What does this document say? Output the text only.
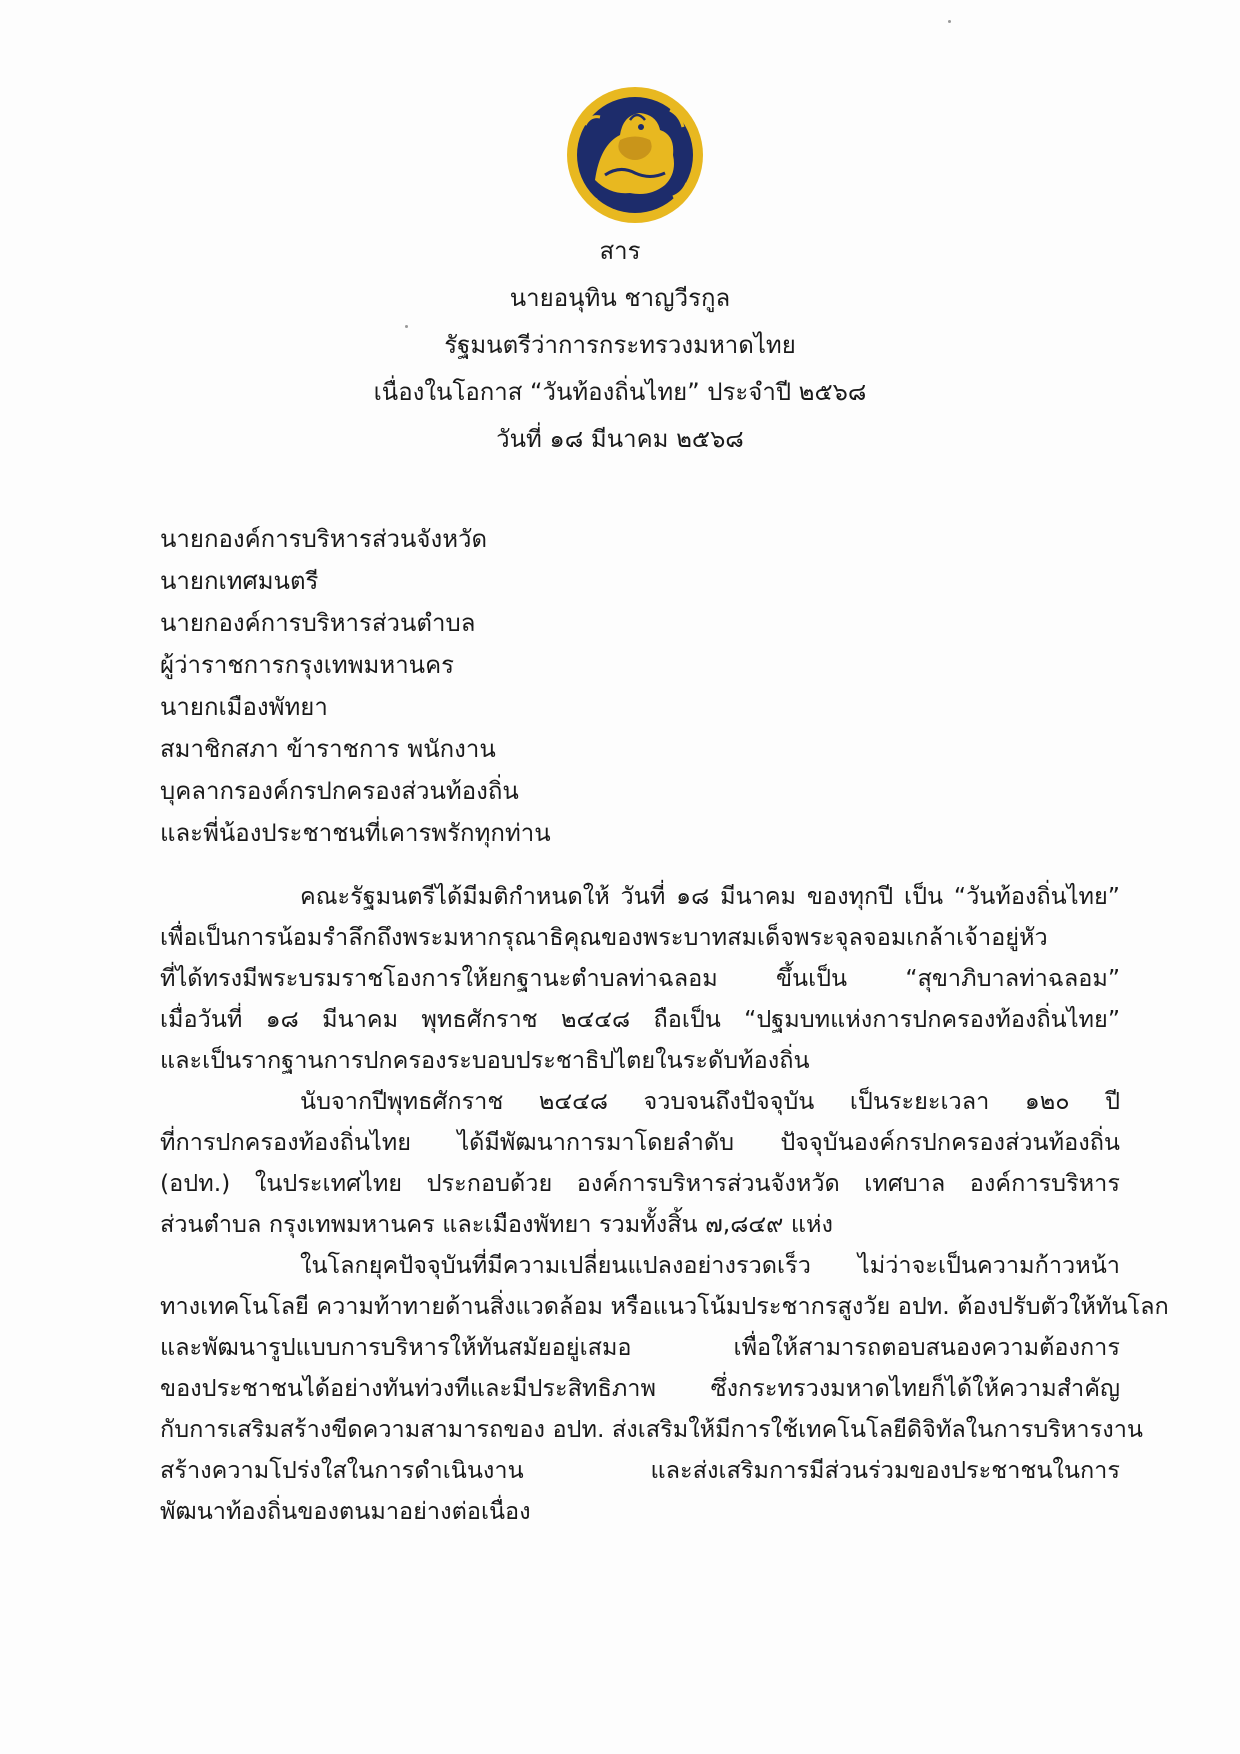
สาร
นายอนุทิน ชาญวีรกูล
รัฐมนตรีว่าการกระทรวงมหาดไทย
เนื่องในโอกาส “วันท้องถิ่นไทย” ประจำปี ๒๕๖๘
วันที่ ๑๘ มีนาคม ๒๕๖๘
นายกองค์การบริหารส่วนจังหวัด
นายกเทศมนตรี
นายกองค์การบริหารส่วนตำบล
ผู้ว่าราชการกรุงเทพมหานคร
นายกเมืองพัทยา
สมาชิกสภา ข้าราชการ พนักงาน
บุคลากรองค์กรปกครองส่วนท้องถิ่น
และพี่น้องประชาชนที่เคารพรักทุกท่าน
คณะรัฐมนตรีได้มีมติกำหนดให้ วันที่ ๑๘ มีนาคม ของทุกปี เป็น “วันท้องถิ่นไทย”
เพื่อเป็นการน้อมรำลึกถึงพระมหากรุณาธิคุณของพระบาทสมเด็จพระจุลจอมเกล้าเจ้าอยู่หัว
ที่ได้ทรงมีพระบรมราชโองการให้ยกฐานะตำบลท่าฉลอม ขึ้นเป็น “สุขาภิบาลท่าฉลอม”
เมื่อวันที่ ๑๘ มีนาคม พุทธศักราช ๒๔๔๘ ถือเป็น “ปฐมบทแห่งการปกครองท้องถิ่นไทย”
และเป็นรากฐานการปกครองระบอบประชาธิปไตยในระดับท้องถิ่น
นับจากปีพุทธศักราช ๒๔๔๘ จวบจนถึงปัจจุบัน เป็นระยะเวลา ๑๒๐ ปี
ที่การปกครองท้องถิ่นไทย ได้มีพัฒนาการมาโดยลำดับ ปัจจุบันองค์กรปกครองส่วนท้องถิ่น
(อปท.) ในประเทศไทย ประกอบด้วย องค์การบริหารส่วนจังหวัด เทศบาล องค์การบริหาร
ส่วนตำบล กรุงเทพมหานคร และเมืองพัทยา รวมทั้งสิ้น ๗,๘๔๙ แห่ง
ในโลกยุคปัจจุบันที่มีความเปลี่ยนแปลงอย่างรวดเร็ว ไม่ว่าจะเป็นความก้าวหน้า
ทางเทคโนโลยี ความท้าทายด้านสิ่งแวดล้อม หรือแนวโน้มประชากรสูงวัย อปท. ต้องปรับตัวให้ทันโลก
และพัฒนารูปแบบการบริหารให้ทันสมัยอยู่เสมอ เพื่อให้สามารถตอบสนองความต้องการ
ของประชาชนได้อย่างทันท่วงทีและมีประสิทธิภาพ ซึ่งกระทรวงมหาดไทยก็ได้ให้ความสำคัญ
กับการเสริมสร้างขีดความสามารถของ อปท. ส่งเสริมให้มีการใช้เทคโนโลยีดิจิทัลในการบริหารงาน
สร้างความโปร่งใสในการดำเนินงาน และส่งเสริมการมีส่วนร่วมของประชาชนในการ
พัฒนาท้องถิ่นของตนมาอย่างต่อเนื่อง
